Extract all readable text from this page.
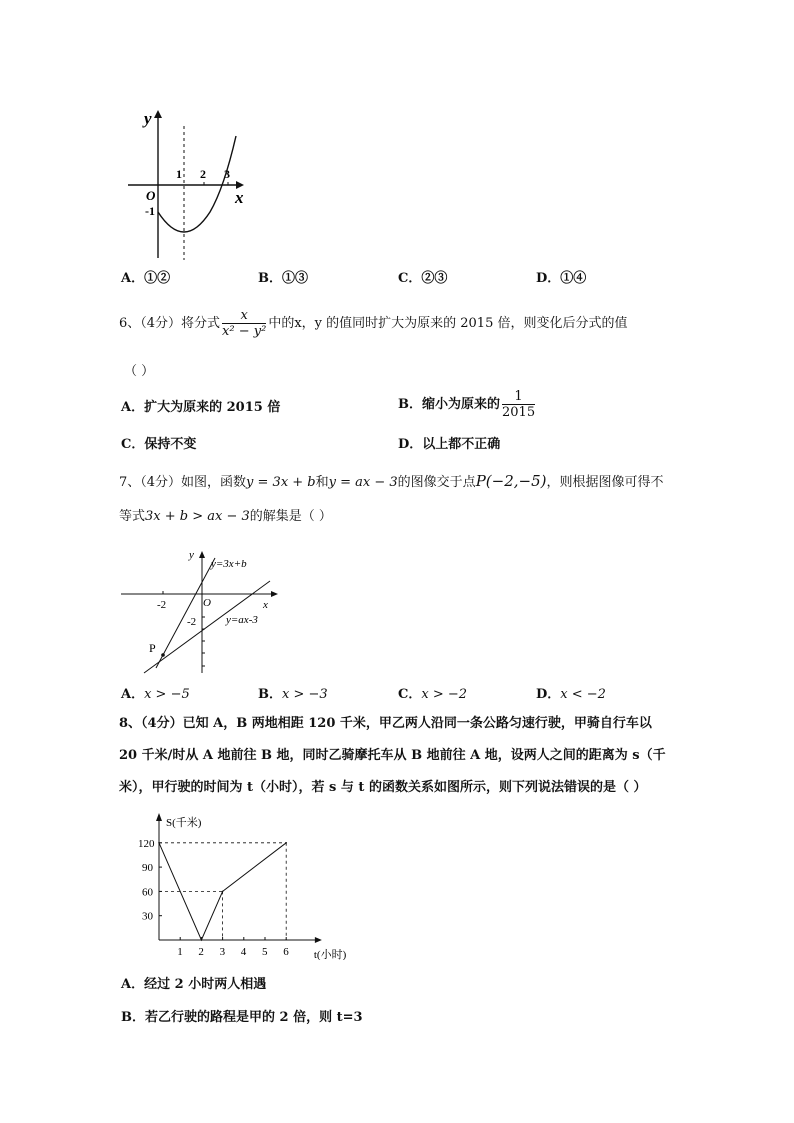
y
x
O
-1
1 2 3
A．①②	B．①③	C．②③	D．①④
6、（4分）将分式 $\frac{x}{\text{x² − y²}}$ 中的x，y 的值同时扩大为原来的 2015 倍，则变化后分式的值
（ ）
A．扩大为原来的 2015 倍	B．缩小为原来的 $\frac{1}{2015}$
C．保持不变	D．以上都不正确
7、（4分）如图，函数y = 3x + b和y = ax − 3的图像交于点P(−2,−5)，则根据图像可得不
等式3x + b > ax − 3的解集是（ ）
y
x
O
-2
-2
P
y=3x+b
y=ax-3
A．x > −5	B．x > −3	C．x > −2	D．x < −2
8、（4分）已知 A，B 两地相距 120 千米，甲乙两人沿同一条公路匀速行驶，甲骑自行车以
20 千米/时从 A 地前往 B 地，同时乙骑摩托车从 B 地前往 A 地，设两人之间的距离为 s（千
米），甲行驶的时间为 t（小时），若 s 与 t 的函数关系如图所示，则下列说法错误的是（ ）
1 2 3 4 5 6
30
60
90
120
S(千米)
t(小时)
A．经过 2 小时两人相遇
B．若乙行驶的路程是甲的 2 倍，则 t=3
